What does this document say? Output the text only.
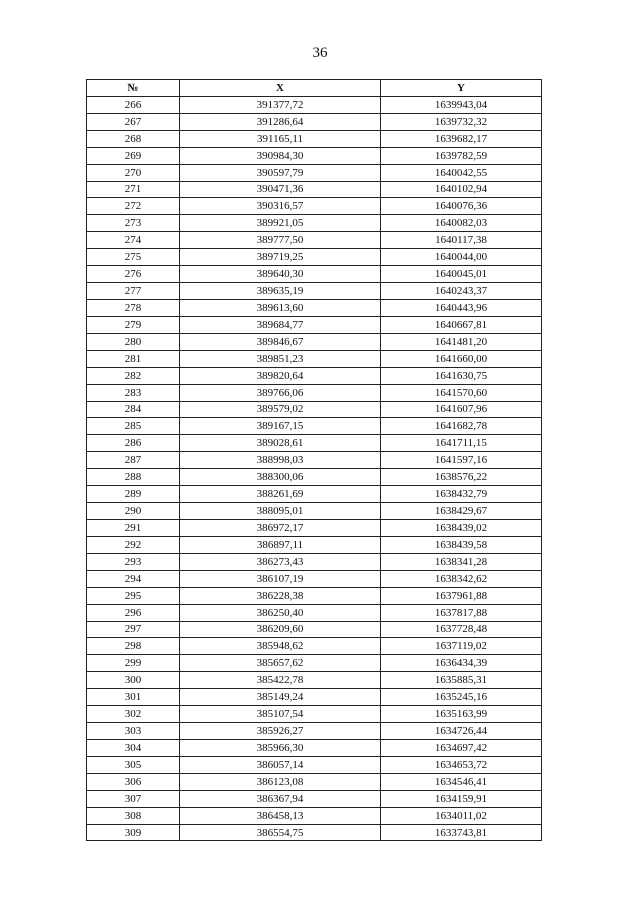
36
№	X	Y
266	391377,72	1639943,04
267	391286,64	1639732,32
268	391165,11	1639682,17
269	390984,30	1639782,59
270	390597,79	1640042,55
271	390471,36	1640102,94
272	390316,57	1640076,36
273	389921,05	1640082,03
274	389777,50	1640117,38
275	389719,25	1640044,00
276	389640,30	1640045,01
277	389635,19	1640243,37
278	389613,60	1640443,96
279	389684,77	1640667,81
280	389846,67	1641481,20
281	389851,23	1641660,00
282	389820,64	1641630,75
283	389766,06	1641570,60
284	389579,02	1641607,96
285	389167,15	1641682,78
286	389028,61	1641711,15
287	388998,03	1641597,16
288	388300,06	1638576,22
289	388261,69	1638432,79
290	388095,01	1638429,67
291	386972,17	1638439,02
292	386897,11	1638439,58
293	386273,43	1638341,28
294	386107,19	1638342,62
295	386228,38	1637961,88
296	386250,40	1637817,88
297	386209,60	1637728,48
298	385948,62	1637119,02
299	385657,62	1636434,39
300	385422,78	1635885,31
301	385149,24	1635245,16
302	385107,54	1635163,99
303	385926,27	1634726,44
304	385966,30	1634697,42
305	386057,14	1634653,72
306	386123,08	1634546,41
307	386367,94	1634159,91
308	386458,13	1634011,02
309	386554,75	1633743,81
